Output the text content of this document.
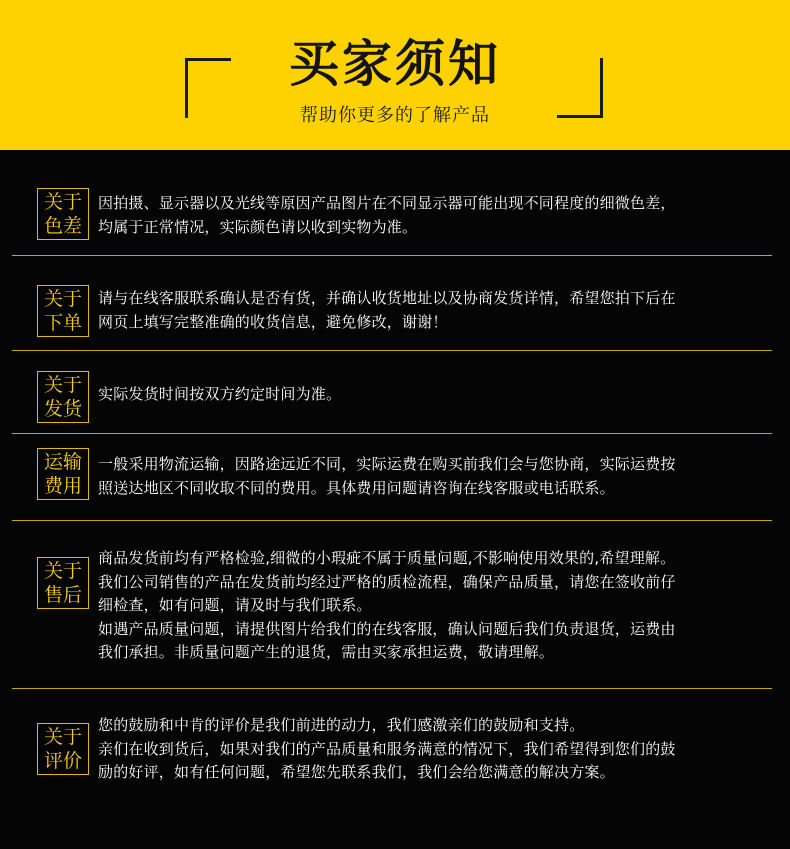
买家须知
帮助你更多的了解产品
关于
色差

因拍摄、显示器以及光线等原因产品图片在不同显示器可能出现不同程度的细微色差，

均属于正常情况，实际颜色请以收到实物为准。

关于
下单

请与在线客服联系确认是否有货，并确认收货地址以及协商发货详情，希望您拍下后在

网页上填写完整准确的收货信息，避免修改，谢谢！

关于
发货

实际发货时间按双方约定时间为准。

运输
费用

一般采用物流运输，因路途远近不同，实际运费在购买前我们会与您协商，实际运费按

照送达地区不同收取不同的费用。具体费用问题请咨询在线客服或电话联系。

关于
售后

商品发货前均有严格检验,细微的小瑕疵不属于质量问题,不影响使用效果的,希望理解。

我们公司销售的产品在发货前均经过严格的质检流程，确保产品质量，请您在签收前仔

细检查，如有问题，请及时与我们联系。

如遇产品质量问题，请提供图片给我们的在线客服，确认问题后我们负责退货，运费由

我们承担。非质量问题产生的退货，需由买家承担运费，敬请理解。

关于
评价

您的鼓励和中肯的评价是我们前进的动力，我们感激亲们的鼓励和支持。

亲们在收到货后，如果对我们的产品质量和服务满意的情况下，我们希望得到您们的鼓

励的好评，如有任何问题，希望您先联系我们，我们会给您满意的解决方案。
